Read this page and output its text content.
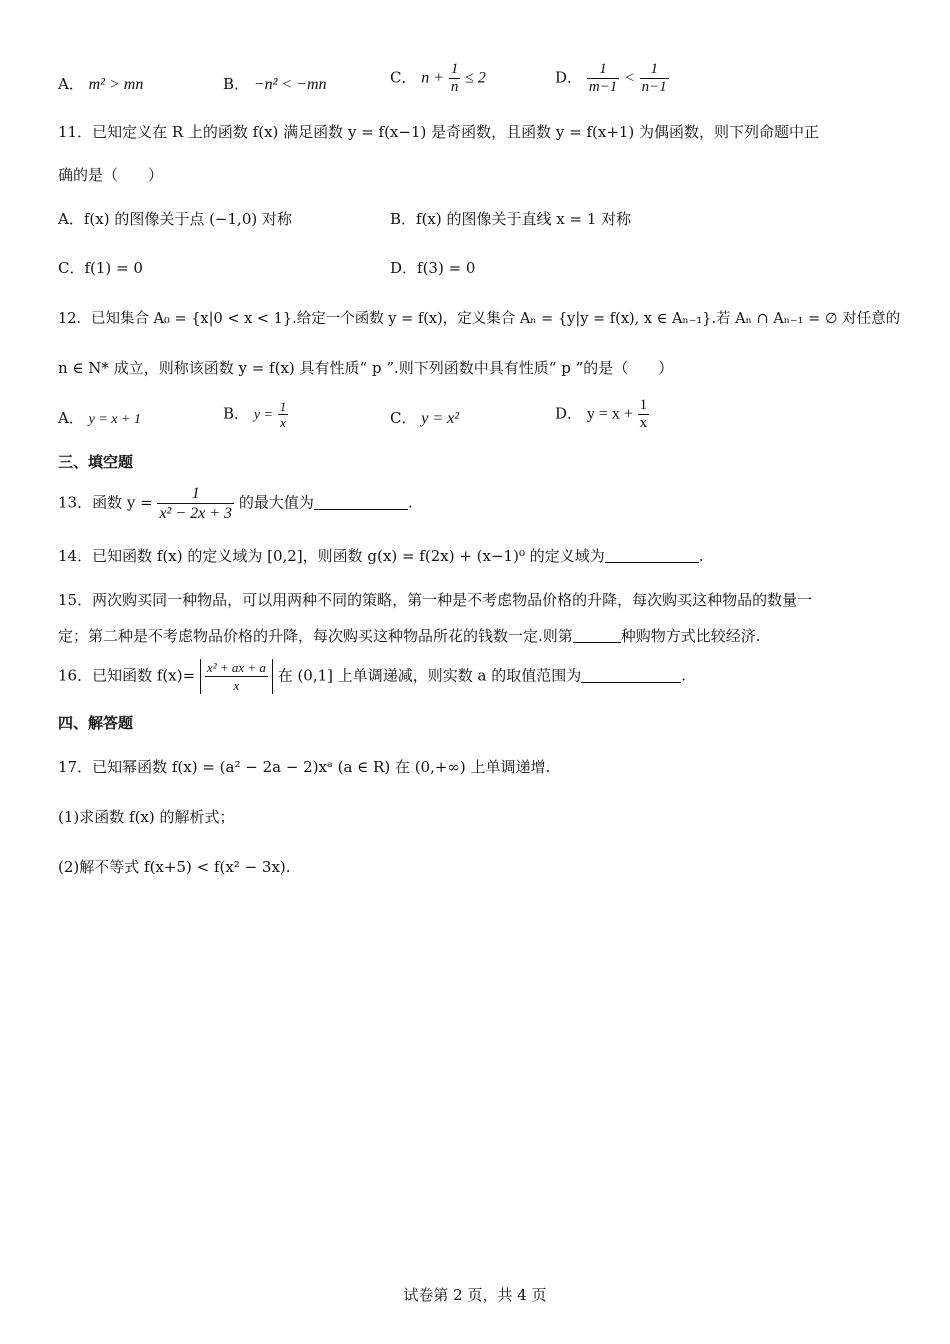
A． m² > mn	B． −n² < −mn	C． $n + \frac{1}{n} \le 2$	D． $\frac{1}{m-1} < \frac{1}{n-1}$
11．已知定义在 R 上的函数 f(x) 满足函数 y = f(x−1) 是奇函数，且函数 y = f(x+1) 为偶函数，则下列命题中正
确的是（　　）
A．f(x) 的图像关于点 (−1,0) 对称	B．f(x) 的图像关于直线 x = 1 对称
C．f(1) = 0	D．f(3) = 0
12．已知集合 A₀ = {x|0 < x < 1}.给定一个函数 y = f(x)，定义集合 Aₙ = {y|y = f(x), x ∈ Aₙ₋₁}.若 Aₙ ∩ Aₙ₋₁ = ∅ 对任意的
n ∈ N* 成立，则称该函数 y = f(x) 具有性质“ p ”.则下列函数中具有性质“ p ”的是（　　）
A． y = x + 1	B． $y = \frac{1}{x}$	C． y = x²	D． $y = x + \frac{1}{x}$
三、填空题
13．函数 $y = \frac{1}{\text{x² − 2x + 3}}$ 的最大值为	.
14．已知函数 f(x) 的定义域为 [0,2]，则函数 g(x) = f(2x) + (x−1)⁰ 的定义域为	.
15．两次购买同一种物品，可以用两种不同的策略，第一种是不考虑物品价格的升降，每次购买这种物品的数量一
定；第二种是不考虑物品价格的升降，每次购买这种物品所花的钱数一定.则第	种购物方式比较经济.
16．已知函数 $f(x)= \frac{\text{x² + ax + a}}{x}$ 在 (0,1] 上单调递减，则实数 a 的取值范围为	.
四、解答题
17．已知幂函数 f(x) = (a² − 2a − 2)xᵃ (a ∈ R) 在 (0,+∞) 上单调递增.
(1)求函数 f(x) 的解析式；
(2)解不等式 f(x+5) < f(x² − 3x).
试卷第 2 页，共 4 页
